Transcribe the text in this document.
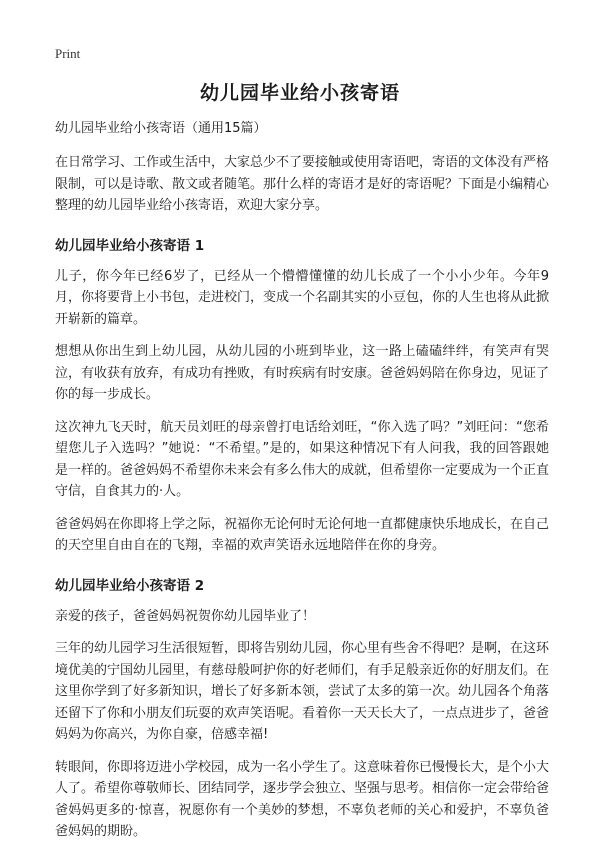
Print
幼儿园毕业给小孩寄语
幼儿园毕业给小孩寄语（通用15篇）

在日常学习、工作或生活中，大家总少不了要接触或使用寄语吧，寄语的文体没有严格限制，可以是诗歌、散文或者随笔。那什么样的寄语才是好的寄语呢？下面是小编精心整理的幼儿园毕业给小孩寄语，欢迎大家分享。

幼儿园毕业给小孩寄语 1

儿子，你今年已经6岁了，已经从一个懵懵懂懂的幼儿长成了一个小小少年。今年9月，你将要背上小书包，走进校门，变成一个名副其实的小豆包，你的人生也将从此掀开崭新的篇章。

想想从你出生到上幼儿园，从幼儿园的小班到毕业，这一路上磕磕绊绊，有笑声有哭泣，有收获有放弃，有成功有挫败，有时疾病有时安康。爸爸妈妈陪在你身边，见证了你的每一步成长。

这次神九飞天时，航天员刘旺的母亲曾打电话给刘旺，“你入选了吗？”刘旺问：“您希望您儿子入选吗？”她说：“不希望。”是的，如果这种情况下有人问我，我的回答跟她是一样的。爸爸妈妈不希望你未来会有多么伟大的成就，但希望你一定要成为一个正直守信，自食其力的·人。

爸爸妈妈在你即将上学之际，祝福你无论何时无论何地一直都健康快乐地成长，在自己的天空里自由自在的飞翔，幸福的欢声笑语永远地陪伴在你的身旁。

幼儿园毕业给小孩寄语 2

亲爱的孩子，爸爸妈妈祝贺你幼儿园毕业了！

三年的幼儿园学习生活很短暂，即将告别幼儿园，你心里有些舍不得吧？是啊，在这环境优美的宁国幼儿园里，有慈母般呵护你的好老师们，有手足般亲近你的好朋友们。在这里你学到了好多新知识，增长了好多新本领，尝试了太多的第一次。幼儿园各个角落还留下了你和小朋友们玩耍的欢声笑语呢。看着你一天天长大了，一点点进步了，爸爸妈妈为你高兴，为你自豪，倍感幸福!

转眼间，你即将迈进小学校园，成为一名小学生了。这意味着你已慢慢长大，是个小大人了。希望你尊敬师长、团结同学，逐步学会独立、坚强与思考。相信你一定会带给爸爸妈妈更多的·惊喜，祝愿你有一个美妙的梦想，不辜负老师的关心和爱护，不辜负爸爸妈妈的期盼。
